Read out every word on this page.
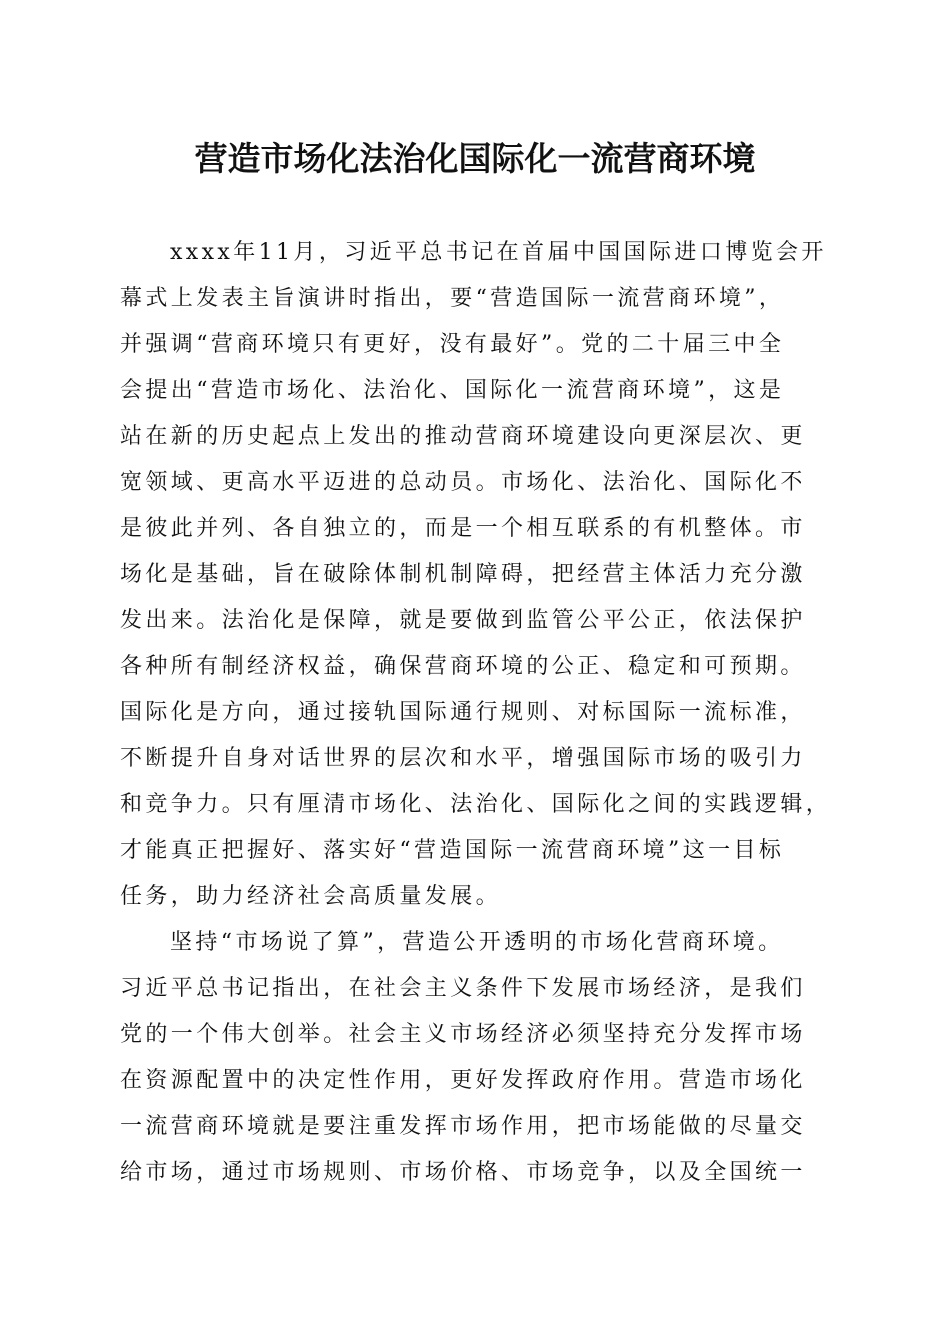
营造市场化法治化国际化一流营商环境
xxxx年11月，习近平总书记在首届中国国际进口博览会开
幕式上发表主旨演讲时指出，要“营造国际一流营商环境”，
并强调“营商环境只有更好，没有最好”。党的二十届三中全
会提出“营造市场化、法治化、国际化一流营商环境”，这是
站在新的历史起点上发出的推动营商环境建设向更深层次、更
宽领域、更高水平迈进的总动员。市场化、法治化、国际化不
是彼此并列、各自独立的，而是一个相互联系的有机整体。市
场化是基础，旨在破除体制机制障碍，把经营主体活力充分激
发出来。法治化是保障，就是要做到监管公平公正，依法保护
各种所有制经济权益，确保营商环境的公正、稳定和可预期。
国际化是方向，通过接轨国际通行规则、对标国际一流标准，
不断提升自身对话世界的层次和水平，增强国际市场的吸引力
和竞争力。只有厘清市场化、法治化、国际化之间的实践逻辑，
才能真正把握好、落实好“营造国际一流营商环境”这一目标
任务，助力经济社会高质量发展。
坚持“市场说了算”，营造公开透明的市场化营商环境。
习近平总书记指出，在社会主义条件下发展市场经济，是我们
党的一个伟大创举。社会主义市场经济必须坚持充分发挥市场
在资源配置中的决定性作用，更好发挥政府作用。营造市场化
一流营商环境就是要注重发挥市场作用，把市场能做的尽量交
给市场，通过市场规则、市场价格、市场竞争，以及全国统一
